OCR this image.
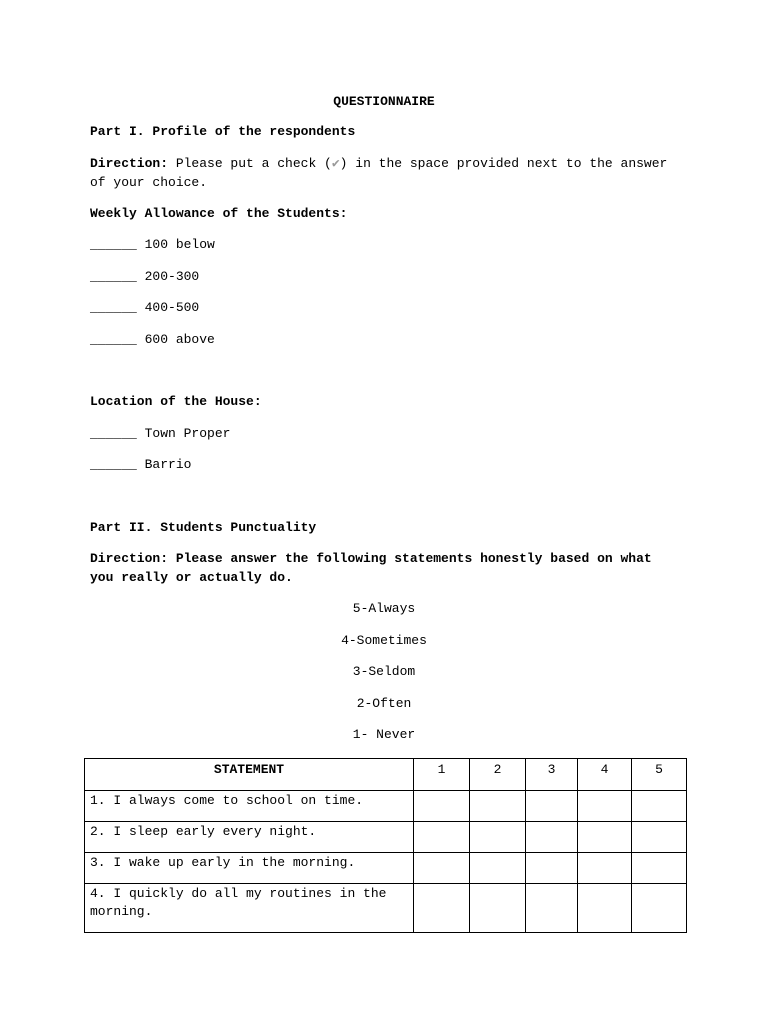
QUESTIONNAIRE
Part I. Profile of the respondents
Direction: Please put a check (✔) in the space provided next to the answer of your choice.
Weekly Allowance of the Students:
______ 100 below
______ 200-300
______ 400-500
______ 600 above
Location of the House:
______ Town Proper
______ Barrio
Part II. Students Punctuality
Direction: Please answer the following statements honestly based on what you really or actually do.
5-Always
4-Sometimes
3-Seldom
2-Often
1- Never
STATEMENT	1	2	3	4	5
1. I always come to school on time.					
2. I sleep early every night.					
3. I wake up early in the morning.					
4. I quickly do all my routines in the morning.					
